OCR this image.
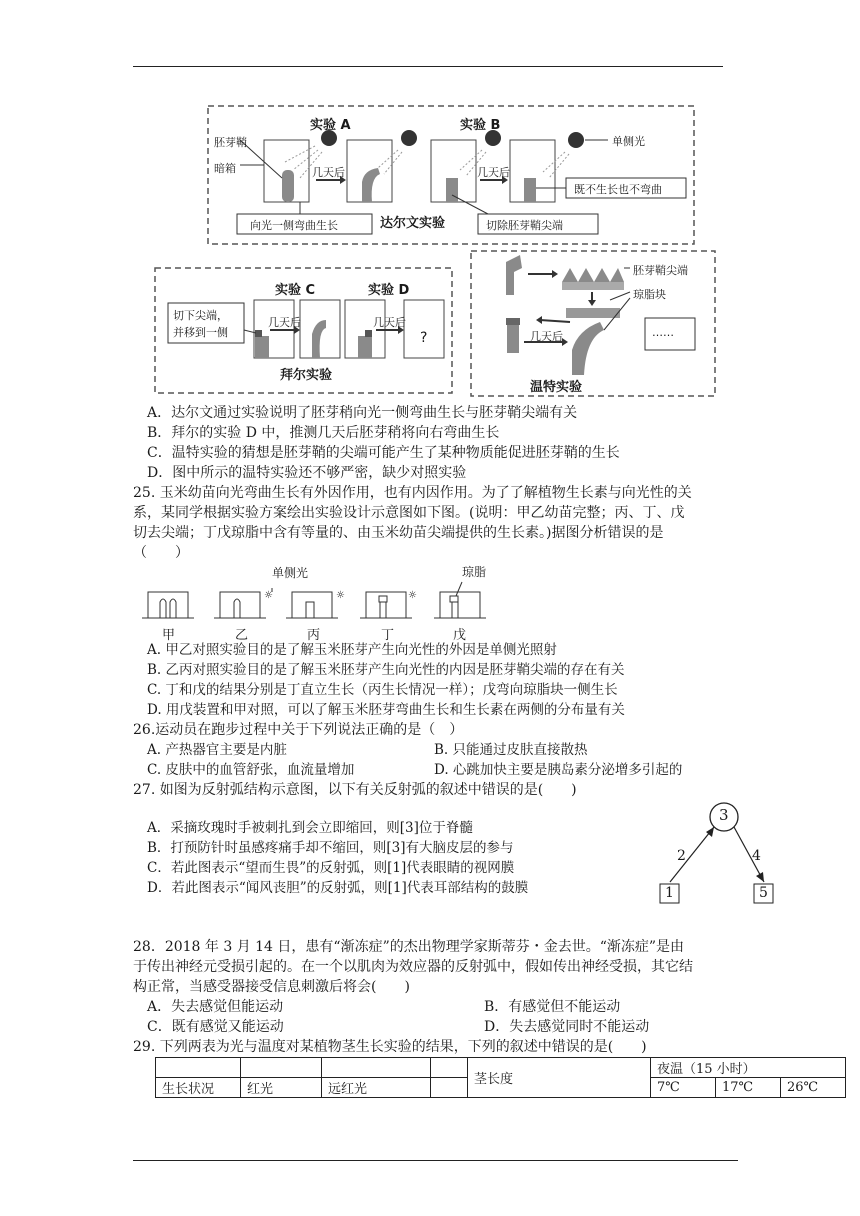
实验 A	实验 B
胚芽鞘
暗箱	几天后
单侧光
几天后
既不生长也不弯曲
向光一侧弯曲生长	达尔文实验	切除胚芽鞘尖端
实验 C	实验 D
切下尖端，
并移到一侧
几天后	几天后
?
拜尔实验
胚芽鞘尖端
琼脂块
几天后	……
温特实验
A．达尔文通过实验说明了胚芽稍向光一侧弯曲生长与胚芽鞘尖端有关
B．拜尔的实验 D 中，推测几天后胚芽稍将向右弯曲生长
C．温特实验的猜想是胚芽鞘的尖端可能产生了某种物质能促进胚芽鞘的生长
D．图中所示的温特实验还不够严密，缺少对照实验
25. 玉米幼苗向光弯曲生长有外因作用，也有内因作用。为了了解植物生长素与向光性的关
系，某同学根据实验方案绘出实验设计示意图如下图。(说明：甲乙幼苗完整；丙、丁、戊
切去尖端；丁戊琼脂中含有等量的、由玉米幼苗尖端提供的生长素。)据图分析错误的是
（　　）
☼	☼	☼
单侧光	琼脂
甲	乙	丙	丁	戊
A. 甲乙对照实验目的是了解玉米胚芽产生向光性的外因是单侧光照射
B. 乙丙对照实验目的是了解玉米胚芽产生向光性的内因是胚芽鞘尖端的存在有关
C. 丁和戊的结果分别是丁直立生长（丙生长情况一样）；戊弯向琼脂块一侧生长
D. 用戊装置和甲对照，可以了解玉米胚芽弯曲生长和生长素在两侧的分布量有关
26.运动员在跑步过程中关于下列说法正确的是（　）
A. 产热器官主要是内脏	B. 只能通过皮肤直接散热
C. 皮肤中的血管舒张，血流量增加	D. 心跳加快主要是胰岛素分泌增多引起的
27. 如图为反射弧结构示意图，以下有关反射弧的叙述中错误的是(　　)
A．采摘玫瑰时手被刺扎到会立即缩回，则[3]位于脊髓
B．打预防针时虽感疼痛手却不缩回，则[3]有大脑皮层的参与
C．若此图表示“望而生畏”的反射弧，则[1]代表眼睛的视网膜
D．若此图表示“闻风丧胆”的反射弧，则[1]代表耳部结构的鼓膜
3
2	4
1	5
28．2018 年 3 月 14 日，患有“渐冻症”的杰出物理学家斯蒂芬・金去世。“渐冻症”是由
于传出神经元受损引起的。在一个以肌肉为效应器的反射弧中，假如传出神经受损，其它结
构正常，当感受器接受信息刺激后将会(　　)
A．失去感觉但能运动	B．有感觉但不能运动
C．既有感觉又能运动	D．失去感觉同时不能运动
29. 下列两表为光与温度对某植物茎生长实验的结果，下列的叙述中错误的是(　　)
				茎长度	夜温（15 小时）		
生长状况	红光	远红光			7℃	17℃	26℃
